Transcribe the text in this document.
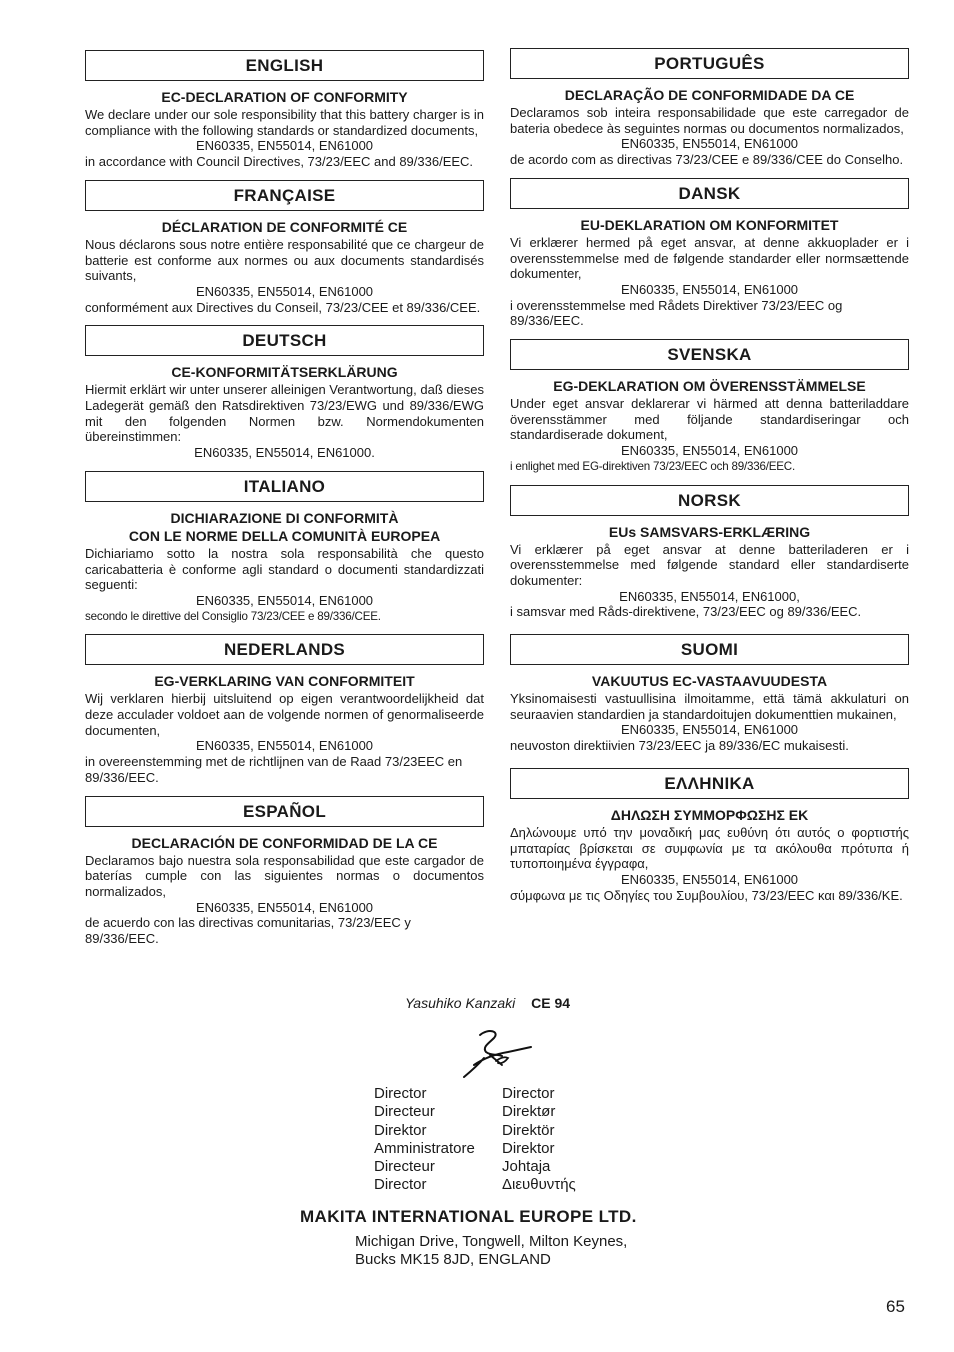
ENGLISH
EC-DECLARATION OF CONFORMITY
We declare under our sole responsibility that this battery charger is in compliance with the following standards or standardized documents,
EN60335, EN55014, EN61000
in accordance with Council Directives, 73/23/EEC and 89/336/EEC.
FRANÇAISE
DÉCLARATION DE CONFORMITÉ CE
Nous déclarons sous notre entière responsabilité que ce chargeur de batterie est conforme aux normes ou aux documents standardisés suivants,
EN60335, EN55014, EN61000
conformément aux Directives du Conseil, 73/23/CEE et 89/336/CEE.
DEUTSCH
CE-KONFORMITÄTSERKLÄRUNG
Hiermit erklärt wir unter unserer alleinigen Verantwortung, daß dieses Ladegerät gemäß den Ratsdirektiven 73/23/EWG und 89/336/EWG mit den folgenden Normen bzw. Normendokumenten übereinstimmen:
EN60335, EN55014, EN61000.
ITALIANO
DICHIARAZIONE DI CONFORMITÀ
CON LE NORME DELLA COMUNITÀ EUROPEA
Dichiariamo sotto la nostra sola responsabilità che questo caricabatteria è conforme agli standard o documenti standardizzati seguenti:
EN60335, EN55014, EN61000
secondo le direttive del Consiglio 73/23/CEE e 89/336/CEE.
NEDERLANDS
EG-VERKLARING VAN CONFORMITEIT
Wij verklaren hierbij uitsluitend op eigen verantwoordelijkheid dat deze acculader voldoet aan de volgende normen of genormaliseerde documenten,
EN60335, EN55014, EN61000
in overeenstemming met de richtlijnen van de Raad 73/23EEC en 89/336/EEC.
ESPAÑOL
DECLARACIÓN DE CONFORMIDAD DE LA CE
Declaramos bajo nuestra sola responsabilidad que este cargador de baterías cumple con las siguientes normas o documentos normalizados,
EN60335, EN55014, EN61000
de acuerdo con las directivas comunitarias, 73/23/EEC y 89/336/EEC.
PORTUGUÊS
DECLARAÇÃO DE CONFORMIDADE DA CE
Declaramos sob inteira responsabilidade que este carregador de bateria obedece às seguintes normas ou documentos normalizados,
EN60335, EN55014, EN61000
de acordo com as directivas 73/23/CEE e 89/336/CEE do Conselho.
DANSK
EU-DEKLARATION OM KONFORMITET
Vi erklærer hermed på eget ansvar, at denne akkuoplader er i overensstemmelse med de følgende standarder eller normsættende dokumenter,
EN60335, EN55014, EN61000
i overensstemmelse med Rådets Direktiver 73/23/EEC og 89/336/EEC.
SVENSKA
EG-DEKLARATION OM ÖVERENSSTÄMMELSE
Under eget ansvar deklarerar vi härmed att denna batteriladdare överensstämmer med följande standardiseringar och standardiserade dokument,
EN60335, EN55014, EN61000
i enlighet med EG-direktiven 73/23/EEC och 89/336/EEC.
NORSK
EUs SAMSVARS-ERKLÆRING
Vi erklærer på eget ansvar at denne batteriladeren er i overensstemmelse med følgende standard eller standardiserte dokumenter:
EN60335, EN55014, EN61000,
i samsvar med Råds-direktivene, 73/23/EEC og 89/336/EEC.
SUOMI
VAKUUTUS EC-VASTAAVUUDESTA
Yksinomaisesti vastuullisina ilmoitamme, että tämä akkulaturi on seuraavien standardien ja standardoitujen dokumenttien mukainen,
EN60335, EN55014, EN61000
neuvoston direktiivien 73/23/EEC ja 89/336/EC mukaisesti.
ΕΛΛΗΝΙΚΑ
ΔΗΛΩΣΗ ΣΥΜΜΟΡΦΩΣΗΣ ΕΚ
Δηλώνουμε υπό την μοναδική μας ευθύνη ότι αυτός ο φορτιστής μπαταρίας βρίσκεται σε συμφωνία με τα ακόλουθα πρότυπα ή τυποποιημένα έγγραφα,
EN60335, EN55014, EN61000
σύμφωνα με τις Οδηγίες του Συμβουλίου, 73/23/EEC και 89/336/KE.
Yasuhiko Kanzaki CE 94
Director	Director
Directeur	Direktør
Direktor	Direktör
Amministratore	Direktor
Directeur	Johtaja
Director	Διευθυντής
MAKITA INTERNATIONAL EUROPE LTD.
Michigan Drive, Tongwell, Milton Keynes,
Bucks MK15 8JD, ENGLAND
65
